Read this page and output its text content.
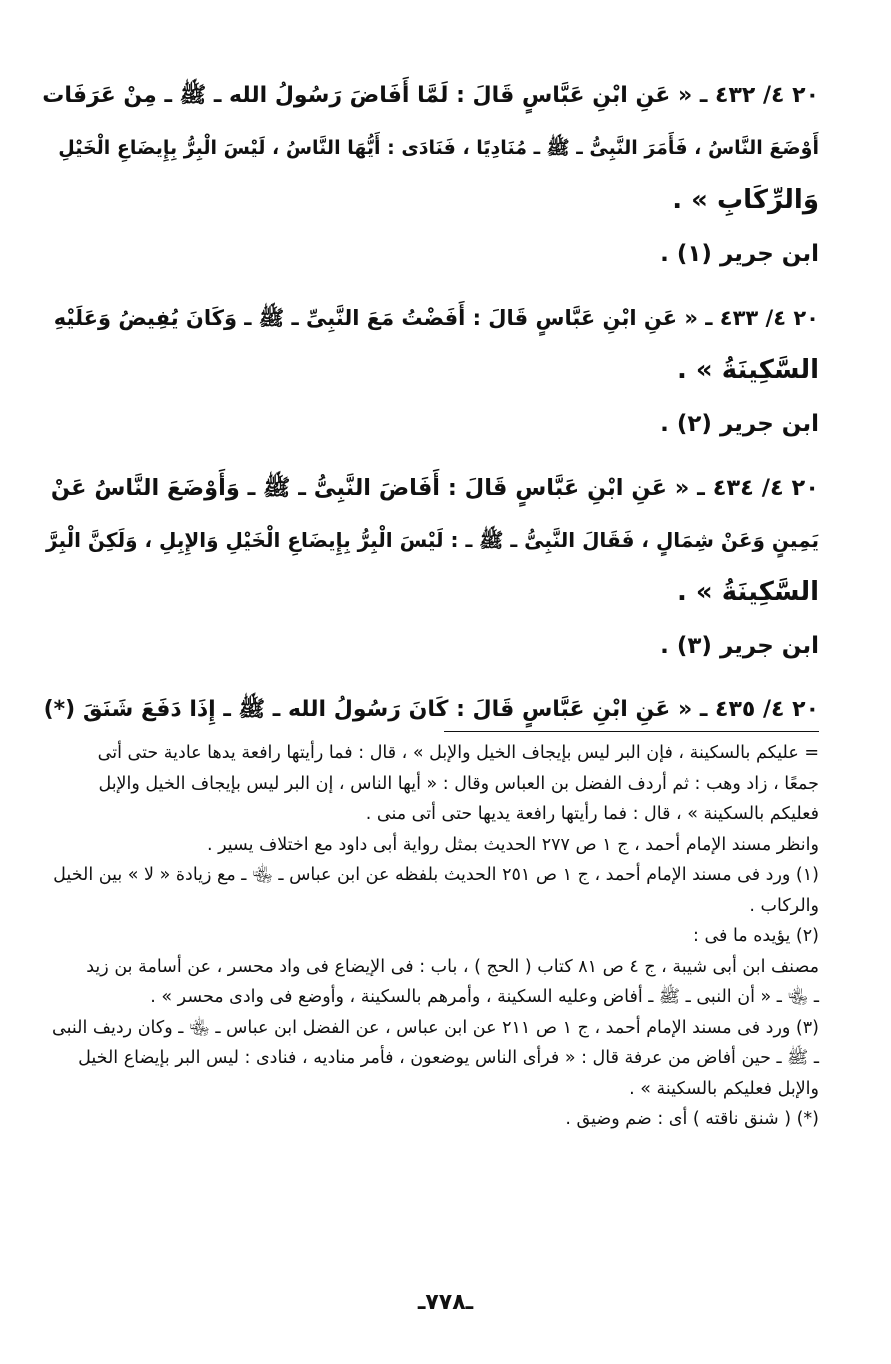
٢٠ ٤/ ٤٣٢ ـ « عَنِ ابْنِ عَبَّاسٍ قَالَ : لَمَّا أَفَاضَ رَسُولُ الله ـ ﷺ ـ مِنْ عَرَفَات

أَوْضَعَ النَّاسُ ، فَأَمَرَ النَّبِىُّ ـ ﷺ ـ مُنَادِيًا ، فَنَادَى : أَيُّهَا النَّاسُ ، لَيْسَ الْبِرُّ بِإِيضَاعِ الْخَيْلِ

وَالرِّكَابِ » .

ابن جرير (١) .

٢٠ ٤/ ٤٣٣ ـ « عَنِ ابْنِ عَبَّاسٍ قَالَ : أَفَضْتُ مَعَ النَّبِىِّ ـ ﷺ ـ وَكَانَ يُفِيضُ وَعَلَيْهِ

السَّكِينَةُ » .

ابن جرير (٢) .

٢٠ ٤/ ٤٣٤ ـ « عَنِ ابْنِ عَبَّاسٍ قَالَ : أَفَاضَ النَّبِىُّ ـ ﷺ ـ وَأَوْضَعَ النَّاسُ عَنْ

يَمِينٍ وَعَنْ شِمَالٍ ، فَقَالَ النَّبِىُّ ـ ﷺ ـ : لَيْسَ الْبِرُّ بِإِيضَاعِ الْخَيْلِ وَالإِبِلِ ، وَلَكِنَّ الْبِرَّ

السَّكِينَةُ » .

ابن جرير (٣) .

٢٠ ٤/ ٤٣٥ ـ « عَنِ ابْنِ عَبَّاسٍ قَالَ : كَانَ رَسُولُ الله ـ ﷺ ـ إِذَا دَفَعَ شَنَقَ (*)

= عليكم بالسكينة ، فإن البر ليس بإيجاف الخيل والإبل » ، قال : فما رأيتها رافعة يدها عادية حتى أتى

جمعًا ، زاد وهب : ثم أردف الفضل بن العباس وقال : « أيها الناس ، إن البر ليس بإيجاف الخيل والإبل

فعليكم بالسكينة » ، قال : فما رأيتها رافعة يديها حتى أتى منى .

وانظر مسند الإمام أحمد ، ج ١ ص ٢٧٧ الحديث بمثل رواية أبى داود مع اختلاف يسير .

(١) ورد فى مسند الإمام أحمد ، ج ١ ص ٢٥١ الحديث بلفظه عن ابن عباس ـ ﵄ ـ مع زيادة « لا » بين الخيل

والركاب .

(٢) يؤيده ما فى :

مصنف ابن أبى شيبة ، ج ٤ ص ٨١ كتاب ( الحج ) ، باب : فى الإيضاع فى واد محسر ، عن أسامة بن زيد

ـ ﵄ ـ « أن النبى ـ ﷺ ـ أفاض وعليه السكينة ، وأمرهم بالسكينة ، وأوضع فى وادى محسر » .

(٣) ورد فى مسند الإمام أحمد ، ج ١ ص ٢١١ عن ابن عباس ، عن الفضل ابن عباس ـ ﵄ ـ وكان رديف النبى

ـ ﷺ ـ حين أفاض من عرفة قال : « فرأى الناس يوضعون ، فأمر مناديه ، فنادى : ليس البر بإيضاع الخيل

والإبل فعليكم بالسكينة » .

(*) ( شنق ناقته ) أى : ضم وضيق .

ـ٧٧٨ـ
